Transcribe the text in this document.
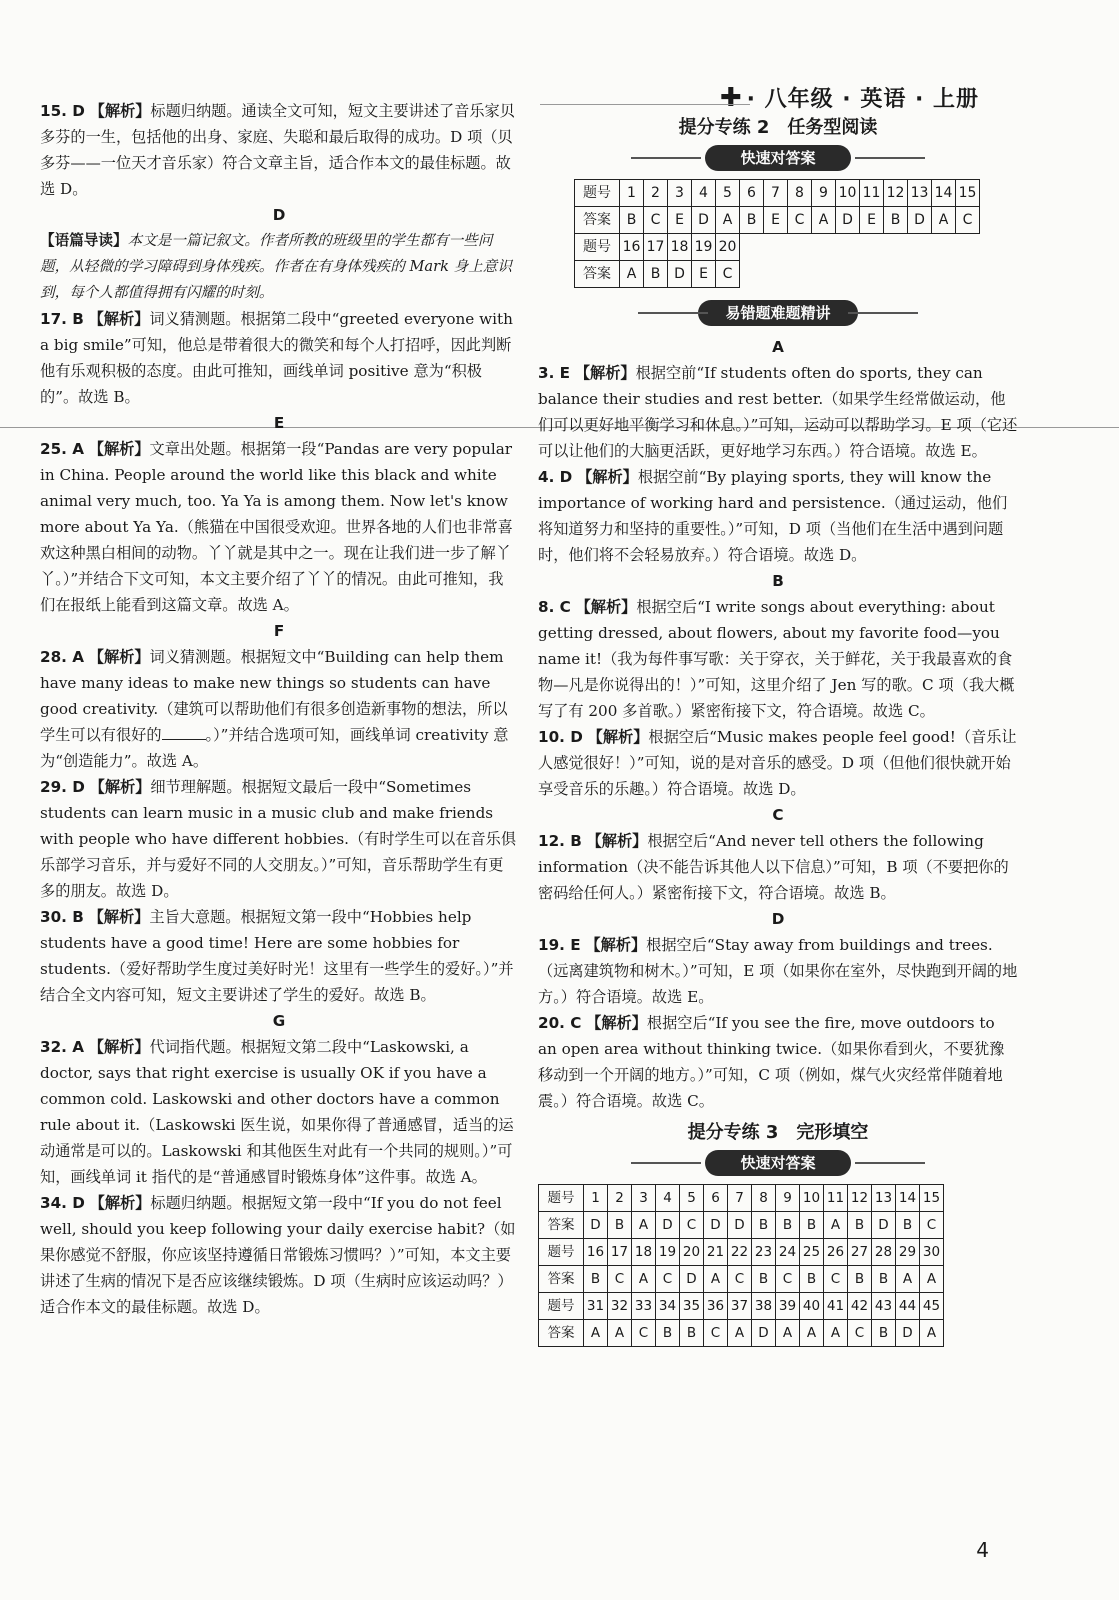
✚ · 八年级 · 英语 · 上册

15. D 【解析】标题归纳题。通读全文可知，短文主要讲述了音乐家贝多芬的一生，包括他的出身、家庭、失聪和最后取得的成功。D 项（贝多芬——一位天才音乐家）符合文章主旨，适合作本文的最佳标题。故选 D。

D

【语篇导读】本文是一篇记叙文。作者所教的班级里的学生都有一些问题，从轻微的学习障碍到身体残疾。作者在有身体残疾的 Mark 身上意识到，每个人都值得拥有闪耀的时刻。

17. B 【解析】词义猜测题。根据第二段中“greeted everyone with a big smile”可知，他总是带着很大的微笑和每个人打招呼，因此判断他有乐观积极的态度。由此可推知，画线单词 positive 意为“积极的”。故选 B。

E

25. A 【解析】文章出处题。根据第一段“Pandas are very popular in China. People around the world like this black and white animal very much, too. Ya Ya is among them. Now let's know more about Ya Ya.（熊猫在中国很受欢迎。世界各地的人们也非常喜欢这种黑白相间的动物。丫丫就是其中之一。现在让我们进一步了解丫丫。）”并结合下文可知，本文主要介绍了丫丫的情况。由此可推知，我们在报纸上能看到这篇文章。故选 A。

F

28. A 【解析】词义猜测题。根据短文中“Building can help them have many ideas to make new things so students can have good creativity.（建筑可以帮助他们有很多创造新事物的想法，所以学生可以有很好的	。）”并结合选项可知，画线单词 creativity 意为“创造能力”。故选 A。

29. D 【解析】细节理解题。根据短文最后一段中“Sometimes students can learn music in a music club and make friends with people who have different hobbies.（有时学生可以在音乐俱乐部学习音乐，并与爱好不同的人交朋友。）”可知，音乐帮助学生有更多的朋友。故选 D。

30. B 【解析】主旨大意题。根据短文第一段中“Hobbies help students have a good time! Here are some hobbies for students.（爱好帮助学生度过美好时光！这里有一些学生的爱好。）”并结合全文内容可知，短文主要讲述了学生的爱好。故选 B。

G

32. A 【解析】代词指代题。根据短文第二段中“Laskowski, a doctor, says that right exercise is usually OK if you have a common cold. Laskowski and other doctors have a common rule about it.（Laskowski 医生说，如果你得了普通感冒，适当的运动通常是可以的。Laskowski 和其他医生对此有一个共同的规则。）”可知，画线单词 it 指代的是“普通感冒时锻炼身体”这件事。故选 A。

34. D 【解析】标题归纳题。根据短文第一段中“If you do not feel well, should you keep following your daily exercise habit?（如果你感觉不舒服，你应该坚持遵循日常锻炼习惯吗？）”可知，本文主要讲述了生病的情况下是否应该继续锻炼。D 项（生病时应该运动吗？）适合作本文的最佳标题。故选 D。

提分专练 2　任务型阅读

快速对答案
题号	1	2	3	4	5	6	7	8	9	10	11	12	13	14	15
答案	B	C	E	D	A	B	E	C	A	D	E	B	D	A	C
题号	16	17	18	19	20										
答案	A	B	D	E	C										
易错题难题精讲

A

3. E 【解析】根据空前“If students often do sports, they can balance their studies and rest better.（如果学生经常做运动，他们可以更好地平衡学习和休息。）”可知，运动可以帮助学习。E 项（它还可以让他们的大脑更活跃，更好地学习东西。）符合语境。故选 E。

4. D 【解析】根据空前“By playing sports, they will know the importance of working hard and persistence.（通过运动，他们将知道努力和坚持的重要性。）”可知，D 项（当他们在生活中遇到问题时，他们将不会轻易放弃。）符合语境。故选 D。

B

8. C 【解析】根据空后“I write songs about everything: about getting dressed, about flowers, about my favorite food—you name it!（我为每件事写歌：关于穿衣，关于鲜花，关于我最喜欢的食物—凡是你说得出的！）”可知，这里介绍了 Jen 写的歌。C 项（我大概写了有 200 多首歌。）紧密衔接下文，符合语境。故选 C。

10. D 【解析】根据空后“Music makes people feel good!（音乐让人感觉很好！）”可知，说的是对音乐的感受。D 项（但他们很快就开始享受音乐的乐趣。）符合语境。故选 D。

C

12. B 【解析】根据空后“And never tell others the following information（决不能告诉其他人以下信息）”可知，B 项（不要把你的密码给任何人。）紧密衔接下文，符合语境。故选 B。

D

19. E 【解析】根据空后“Stay away from buildings and trees.（远离建筑物和树木。）”可知，E 项（如果你在室外，尽快跑到开阔的地方。）符合语境。故选 E。

20. C 【解析】根据空后“If you see the fire, move outdoors to an open area without thinking twice.（如果你看到火，不要犹豫移动到一个开阔的地方。）”可知，C 项（例如，煤气火灾经常伴随着地震。）符合语境。故选 C。

提分专练 3　完形填空

快速对答案
题号	1	2	3	4	5	6	7	8	9	10	11	12	13	14	15
答案	D	B	A	D	C	D	D	B	B	B	A	B	D	B	C
题号	16	17	18	19	20	21	22	23	24	25	26	27	28	29	30
答案	B	C	A	C	D	A	C	B	C	B	C	B	B	A	A
题号	31	32	33	34	35	36	37	38	39	40	41	42	43	44	45
答案	A	A	C	B	B	C	A	D	A	A	A	C	B	D	A
4
